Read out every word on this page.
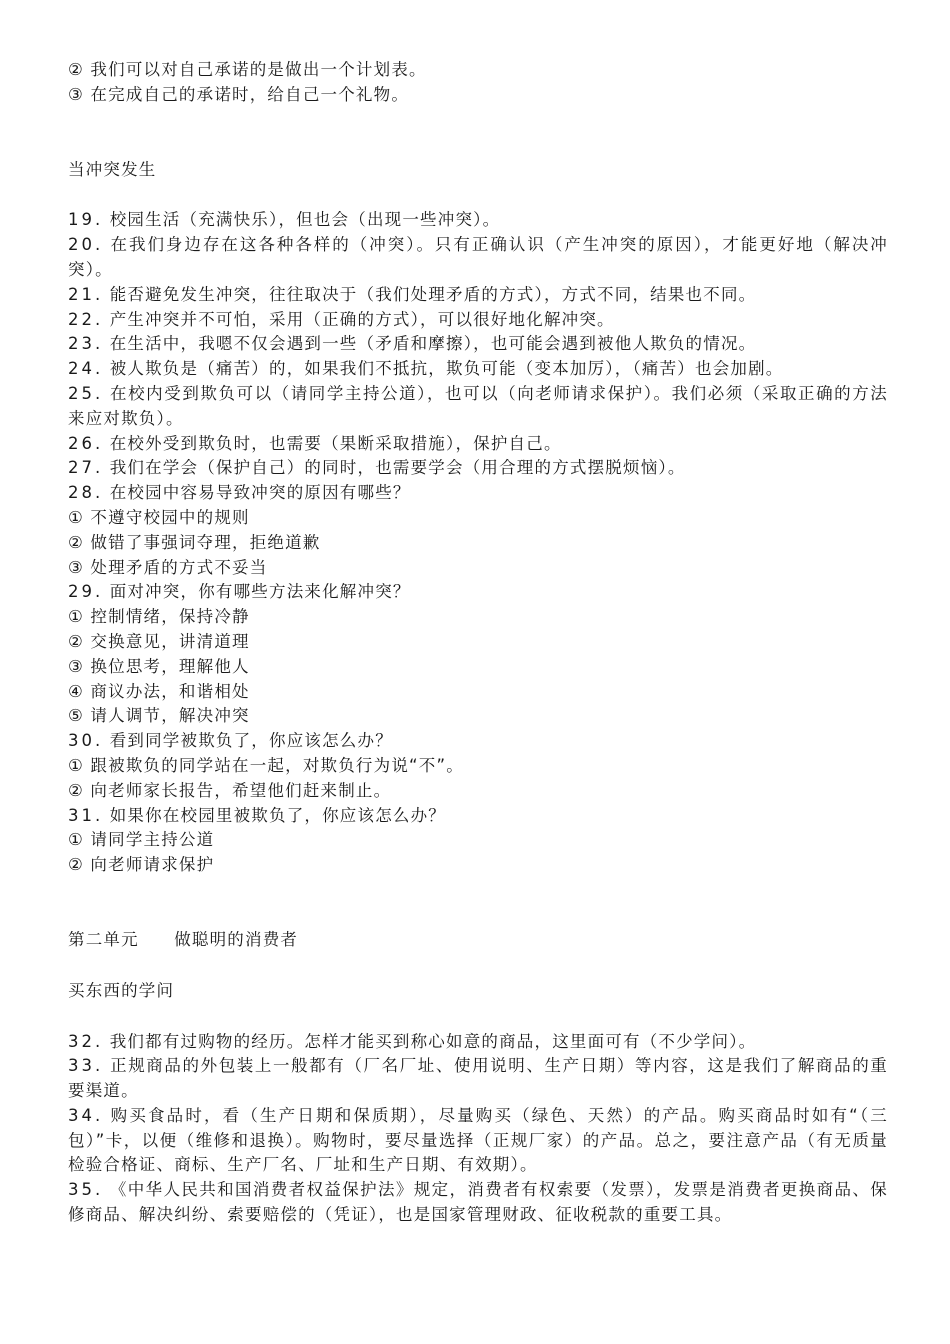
② 我们可以对自己承诺的是做出一个计划表。

③ 在完成自己的承诺时，给自己一个礼物。

当冲突发生

19. 校园生活（充满快乐），但也会（出现一些冲突）。

20. 在我们身边存在这各种各样的（冲突）。只有正确认识（产生冲突的原因），才能更好地（解决冲突）。

21. 能否避免发生冲突，往往取决于（我们处理矛盾的方式），方式不同，结果也不同。

22. 产生冲突并不可怕，采用（正确的方式），可以很好地化解冲突。

23. 在生活中，我嗯不仅会遇到一些（矛盾和摩擦），也可能会遇到被他人欺负的情况。

24. 被人欺负是（痛苦）的，如果我们不抵抗，欺负可能（变本加厉），（痛苦）也会加剧。

25. 在校内受到欺负可以（请同学主持公道），也可以（向老师请求保护）。我们必须（采取正确的方法来应对欺负）。

26. 在校外受到欺负时，也需要（果断采取措施），保护自己。

27. 我们在学会（保护自己）的同时，也需要学会（用合理的方式摆脱烦恼）。

28. 在校园中容易导致冲突的原因有哪些？

① 不遵守校园中的规则

② 做错了事强词夺理，拒绝道歉

③ 处理矛盾的方式不妥当

29. 面对冲突，你有哪些方法来化解冲突？

① 控制情绪，保持冷静

② 交换意见，讲清道理

③ 换位思考，理解他人

④ 商议办法，和谐相处

⑤ 请人调节，解决冲突

30. 看到同学被欺负了，你应该怎么办？

① 跟被欺负的同学站在一起，对欺负行为说“不”。

② 向老师家长报告，希望他们赶来制止。

31. 如果你在校园里被欺负了，你应该怎么办？

① 请同学主持公道

② 向老师请求保护

第二单元　　做聪明的消费者

买东西的学问

32. 我们都有过购物的经历。怎样才能买到称心如意的商品，这里面可有（不少学问）。

33. 正规商品的外包装上一般都有（厂名厂址、使用说明、生产日期）等内容，这是我们了解商品的重要渠道。

34. 购买食品时，看（生产日期和保质期），尽量购买（绿色、天然）的产品。购买商品时如有“（三包）”卡，以便（维修和退换）。购物时，要尽量选择（正规厂家）的产品。总之，要注意产品（有无质量检验合格证、商标、生产厂名、厂址和生产日期、有效期）。

35. 《中华人民共和国消费者权益保护法》规定，消费者有权索要（发票），发票是消费者更换商品、保修商品、解决纠纷、索要赔偿的（凭证），也是国家管理财政、征收税款的重要工具。
